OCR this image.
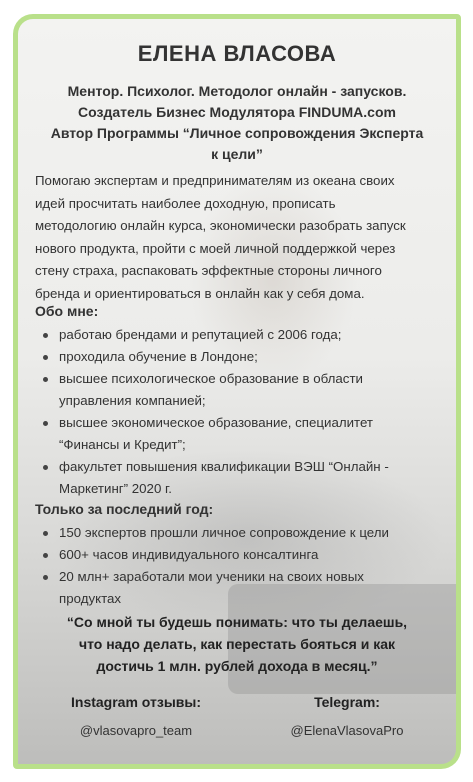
ЕЛЕНА ВЛАСОВА
Ментор. Психолог. Методолог онлайн - запусков.
Создатель Бизнес Модулятора FINDUMA.com
Автор Программы “Личное сопровождения Эксперта
к цели”
Помогаю экспертам и предпринимателям из океана своих
идей просчитать наиболее доходную, прописать
методологию онлайн курса, экономически разобрать запуск
нового продукта, пройти с моей личной поддержкой через
стену страха, распаковать эффектные стороны личного
бренда и ориентироваться в онлайн как у себя дома.
Обо мне:
работаю брендами и репутацией с 2006 года;
проходила обучение в Лондоне;
высшее психологическое образование в области
управления компанией;
высшее экономическое образование, специалитет
“Финансы и Кредит”;
факультет повышения квалификации ВЭШ “Онлайн -
Маркетинг” 2020 г.
Только за последний год:
150 экспертов прошли личное сопровождение к цели
600+ часов индивидуального консалтинга
20 млн+ заработали мои ученики на своих новых
продуктах
“Со мной ты будешь понимать: что ты делаешь,
что надо делать, как перестать бояться и как
достичь 1 млн. рублей дохода в месяц.”
Instagram отзывы:
@vlasovapro_team
Telegram:
@ElenaVlasovaPro
